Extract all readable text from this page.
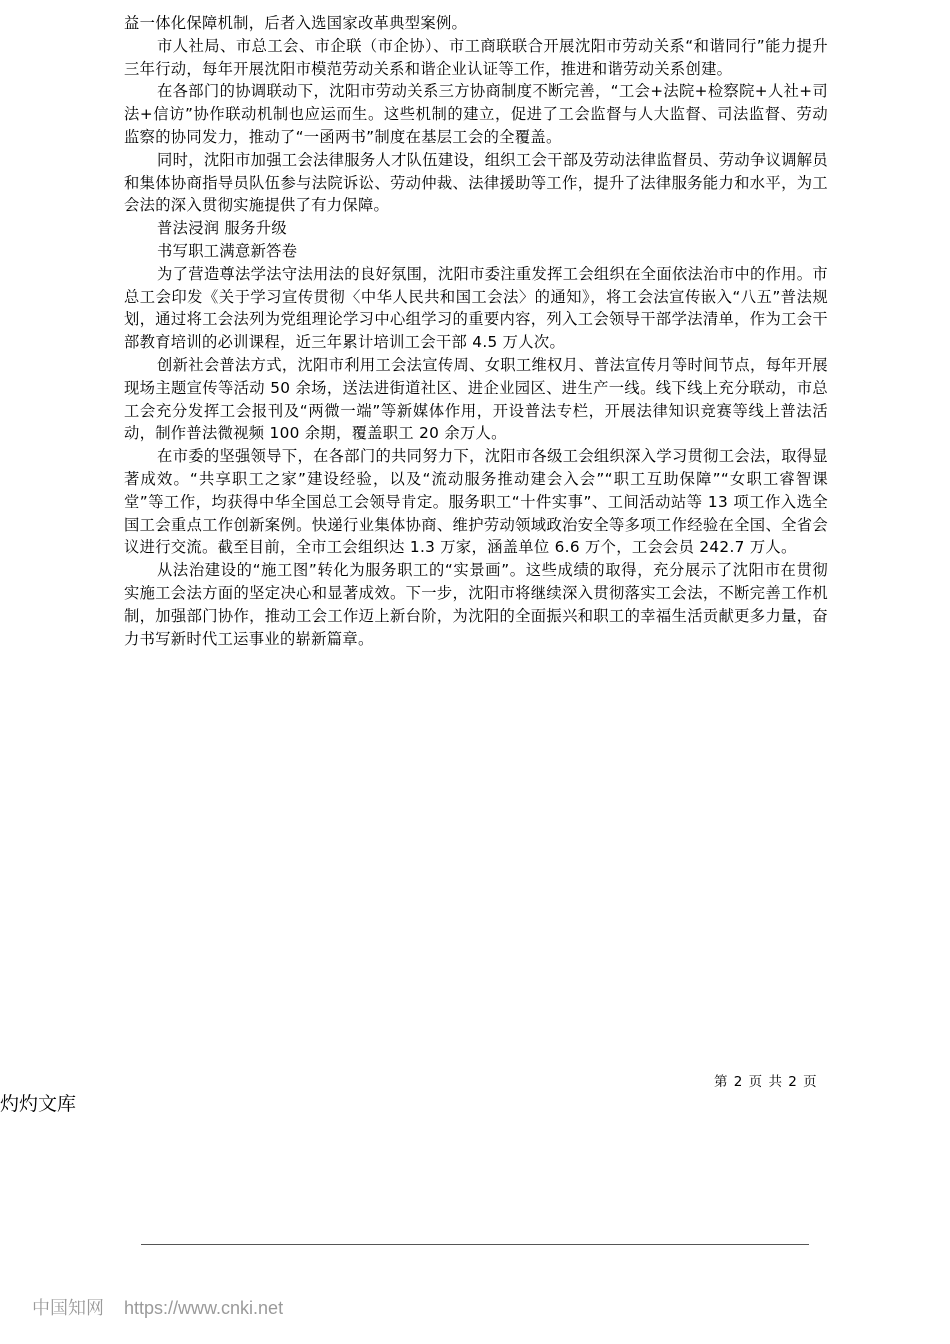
益一体化保障机制，后者入选国家改革典型案例。

市人社局、市总工会、市企联（市企协）、市工商联联合开展沈阳市劳动关系“和谐同行”能力提升三年行动，每年开展沈阳市模范劳动关系和谐企业认证等工作，推进和谐劳动关系创建。

在各部门的协调联动下，沈阳市劳动关系三方协商制度不断完善，“工会+法院+检察院+人社+司法+信访”协作联动机制也应运而生。这些机制的建立，促进了工会监督与人大监督、司法监督、劳动监察的协同发力，推动了“一函两书”制度在基层工会的全覆盖。

同时，沈阳市加强工会法律服务人才队伍建设，组织工会干部及劳动法律监督员、劳动争议调解员和集体协商指导员队伍参与法院诉讼、劳动仲裁、法律援助等工作，提升了法律服务能力和水平，为工会法的深入贯彻实施提供了有力保障。

普法浸润 服务升级

书写职工满意新答卷

为了营造尊法学法守法用法的良好氛围，沈阳市委注重发挥工会组织在全面依法治市中的作用。市总工会印发《关于学习宣传贯彻〈中华人民共和国工会法〉的通知》，将工会法宣传嵌入“八五”普法规划，通过将工会法列为党组理论学习中心组学习的重要内容，列入工会领导干部学法清单，作为工会干部教育培训的必训课程，近三年累计培训工会干部 4.5 万人次。

创新社会普法方式，沈阳市利用工会法宣传周、女职工维权月、普法宣传月等时间节点，每年开展现场主题宣传等活动 50 余场，送法进街道社区、进企业园区、进生产一线。线下线上充分联动，市总工会充分发挥工会报刊及“两微一端”等新媒体作用，开设普法专栏，开展法律知识竞赛等线上普法活动，制作普法微视频 100 余期，覆盖职工 20 余万人。

在市委的坚强领导下，在各部门的共同努力下，沈阳市各级工会组织深入学习贯彻工会法，取得显著成效。“共享职工之家”建设经验，以及“流动服务推动建会入会”“职工互助保障”“女职工睿智课堂”等工作，均获得中华全国总工会领导肯定。服务职工“十件实事”、工间活动站等 13 项工作入选全国工会重点工作创新案例。快递行业集体协商、维护劳动领域政治安全等多项工作经验在全国、全省会议进行交流。截至目前，全市工会组织达 1.3 万家，涵盖单位 6.6 万个，工会会员 242.7 万人。

从法治建设的“施工图”转化为服务职工的“实景画”。这些成绩的取得，充分展示了沈阳市在贯彻实施工会法方面的坚定决心和显著成效。下一步，沈阳市将继续深入贯彻落实工会法，不断完善工作机制，加强部门协作，推动工会工作迈上新台阶，为沈阳的全面振兴和职工的幸福生活贡献更多力量，奋力书写新时代工运事业的崭新篇章。

第 2 页 共 2 页
灼灼文库
中国知网 https://www.cnki.net
